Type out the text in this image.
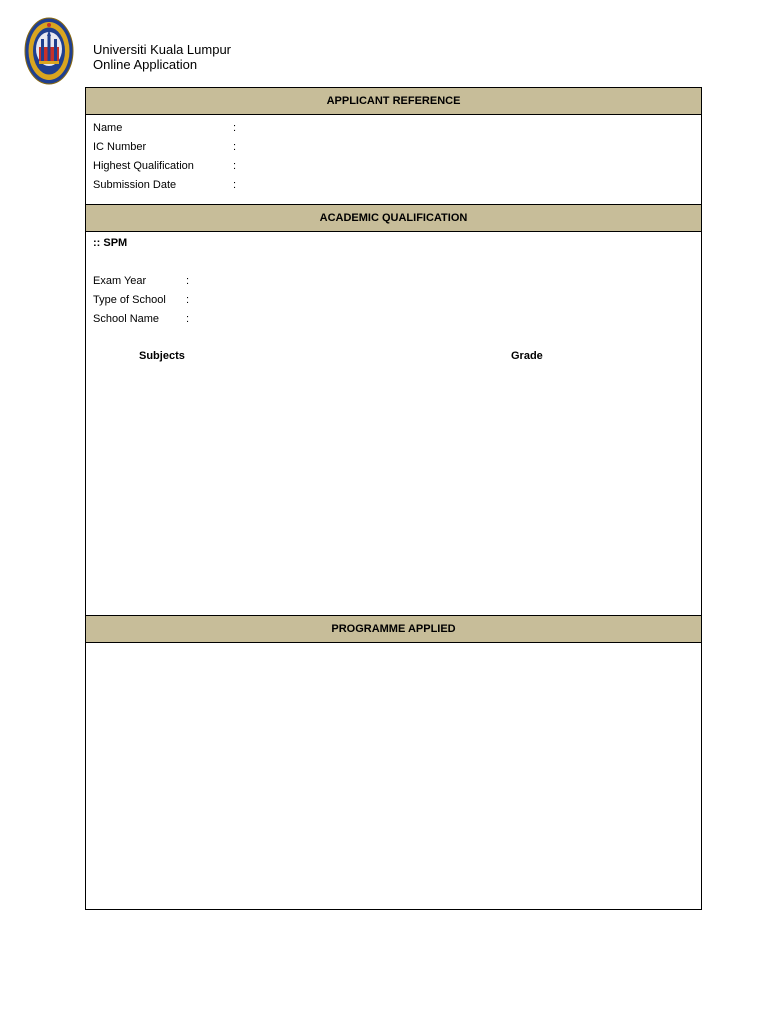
Universiti Kuala Lumpur
Online Application
APPLICANT REFERENCE
Name	:
IC Number	:
Highest Qualification	:
Submission Date	:
ACADEMIC QUALIFICATION
:: SPM
Exam Year	:
Type of School :
School Name :
Subjects	Grade
PROGRAMME APPLIED
